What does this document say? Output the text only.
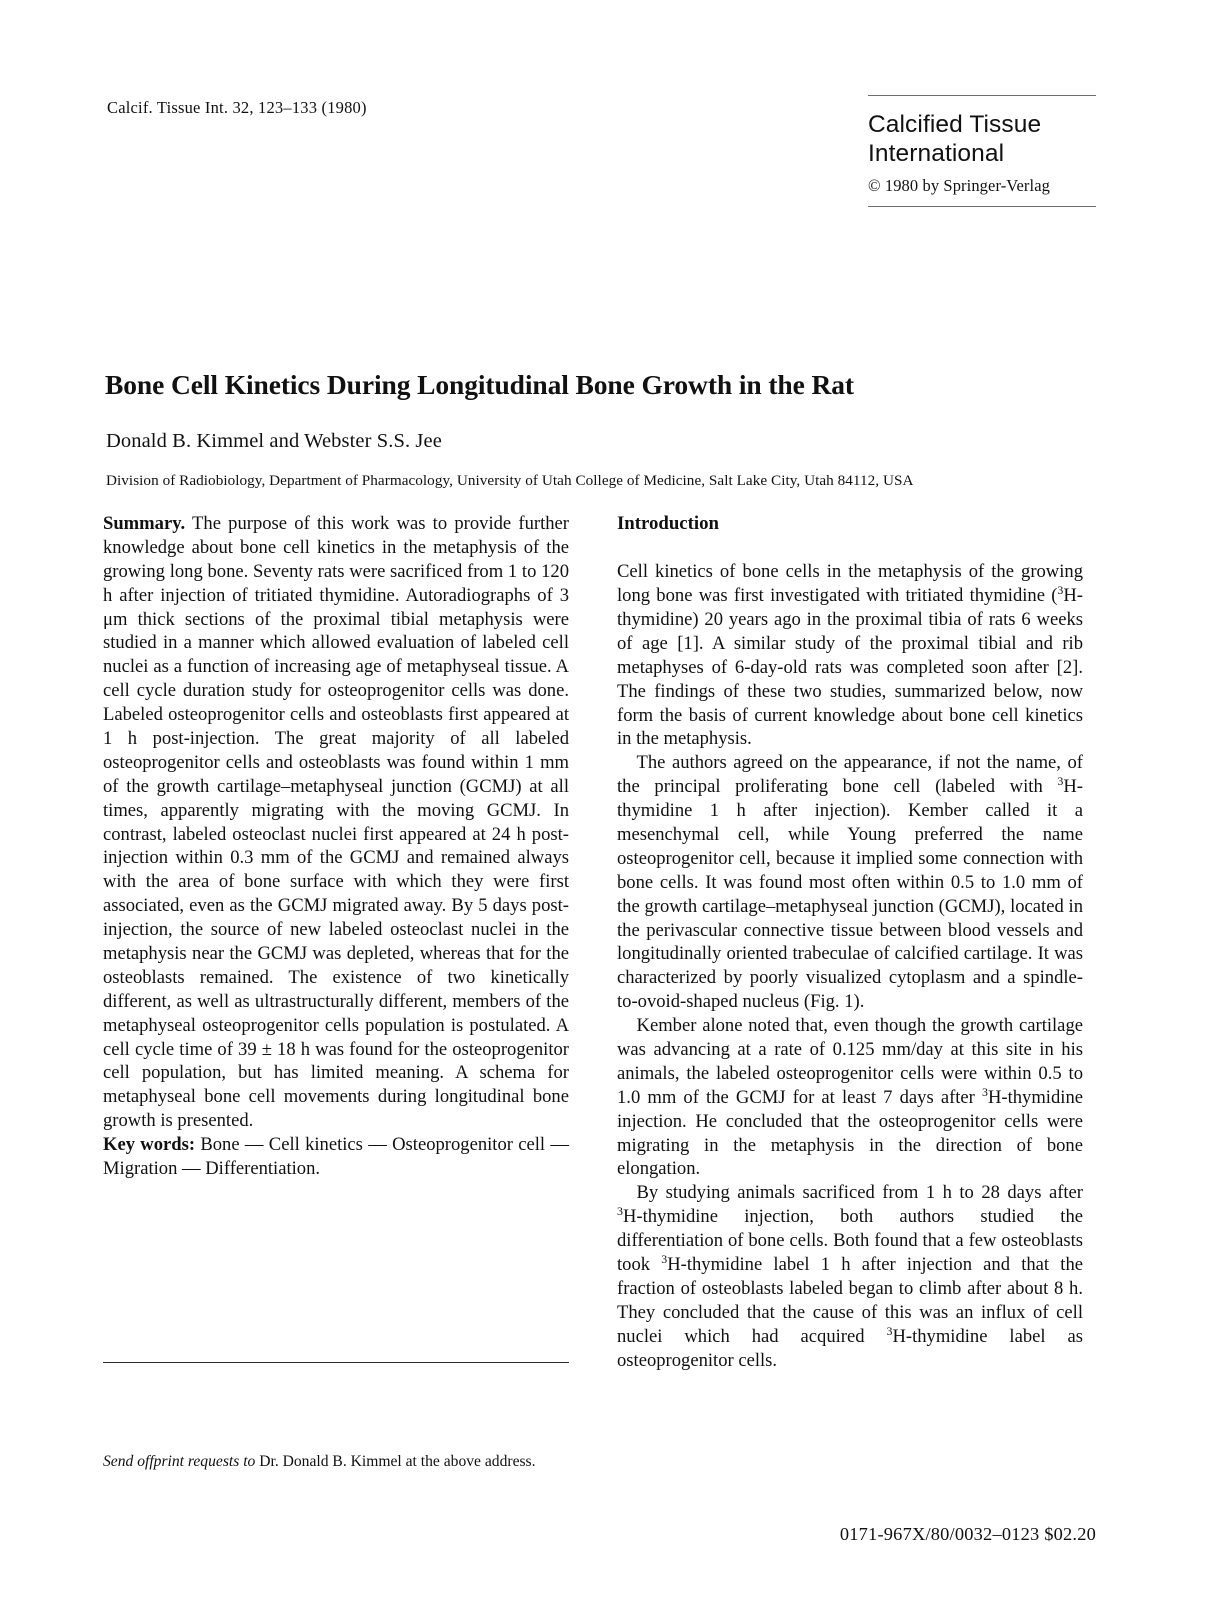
Calcif. Tissue Int. 32, 123–133 (1980)
Calcified Tissue
International
© 1980 by Springer-Verlag
Bone Cell Kinetics During Longitudinal Bone Growth in the Rat
Donald B. Kimmel and Webster S.S. Jee
Division of Radiobiology, Department of Pharmacology, University of Utah College of Medicine, Salt Lake City, Utah 84112, USA

Summary. The purpose of this work was to provide further knowledge about bone cell kinetics in the metaphysis of the growing long bone. Seventy rats were sacrificed from 1 to 120 h after injection of tritiated thymidine. Autoradiographs of 3 μm thick sections of the proximal tibial metaphysis were studied in a manner which allowed evaluation of labeled cell nuclei as a function of increasing age of metaphyseal tissue. A cell cycle duration study for osteoprogenitor cells was done. Labeled osteoprogenitor cells and osteoblasts first appeared at 1 h post-injection. The great majority of all labeled osteoprogenitor cells and osteoblasts was found within 1 mm of the growth cartilage–metaphyseal junction (GCMJ) at all times, apparently migrating with the moving GCMJ. In contrast, labeled osteoclast nuclei first appeared at 24 h post-injection within 0.3 mm of the GCMJ and remained always with the area of bone surface with which they were first associated, even as the GCMJ migrated away. By 5 days post-injection, the source of new labeled osteoclast nuclei in the metaphysis near the GCMJ was depleted, whereas that for the osteoblasts remained. The existence of two kinetically different, as well as ultrastructurally different, members of the metaphyseal osteoprogenitor cells population is postulated. A cell cycle time of 39 ± 18 h was found for the osteoprogenitor cell population, but has limited meaning. A schema for metaphyseal bone cell movements during longitudinal bone growth is presented.

Key words: Bone — Cell kinetics — Osteoprogenitor cell — Migration — Differentiation.

Introduction

Cell kinetics of bone cells in the metaphysis of the growing long bone was first investigated with tritiated thymidine ($^3$H-thymidine) 20 years ago in the proximal tibia of rats 6 weeks of age [1]. A similar study of the proximal tibial and rib metaphyses of 6-day-old rats was completed soon after [2]. The findings of these two studies, summarized below, now form the basis of current knowledge about bone cell kinetics in the metaphysis.

The authors agreed on the appearance, if not the name, of the principal proliferating bone cell (labeled with $^3$H-thymidine 1 h after injection). Kember called it a mesenchymal cell, while Young preferred the name osteoprogenitor cell, because it implied some connection with bone cells. It was found most often within 0.5 to 1.0 mm of the growth cartilage–metaphyseal junction (GCMJ), located in the perivascular connective tissue between blood vessels and longitudinally oriented trabeculae of calcified cartilage. It was characterized by poorly visualized cytoplasm and a spindle-to-ovoid-shaped nucleus (Fig. 1).

Kember alone noted that, even though the growth cartilage was advancing at a rate of 0.125 mm/day at this site in his animals, the labeled osteoprogenitor cells were within 0.5 to 1.0 mm of the GCMJ for at least 7 days after $^3$H-thymidine injection. He concluded that the osteoprogenitor cells were migrating in the metaphysis in the direction of bone elongation.

By studying animals sacrificed from 1 h to 28 days after $^3$H-thymidine injection, both authors studied the differentiation of bone cells. Both found that a few osteoblasts took $^3$H-thymidine label 1 h after injection and that the fraction of osteoblasts labeled began to climb after about 8 h. They concluded that the cause of this was an influx of cell nuclei which had acquired $^3$H-thymidine label as osteoprogenitor cells.

Send offprint requests to Dr. Donald B. Kimmel at the above address.
0171-967X/80/0032–0123 $02.20
